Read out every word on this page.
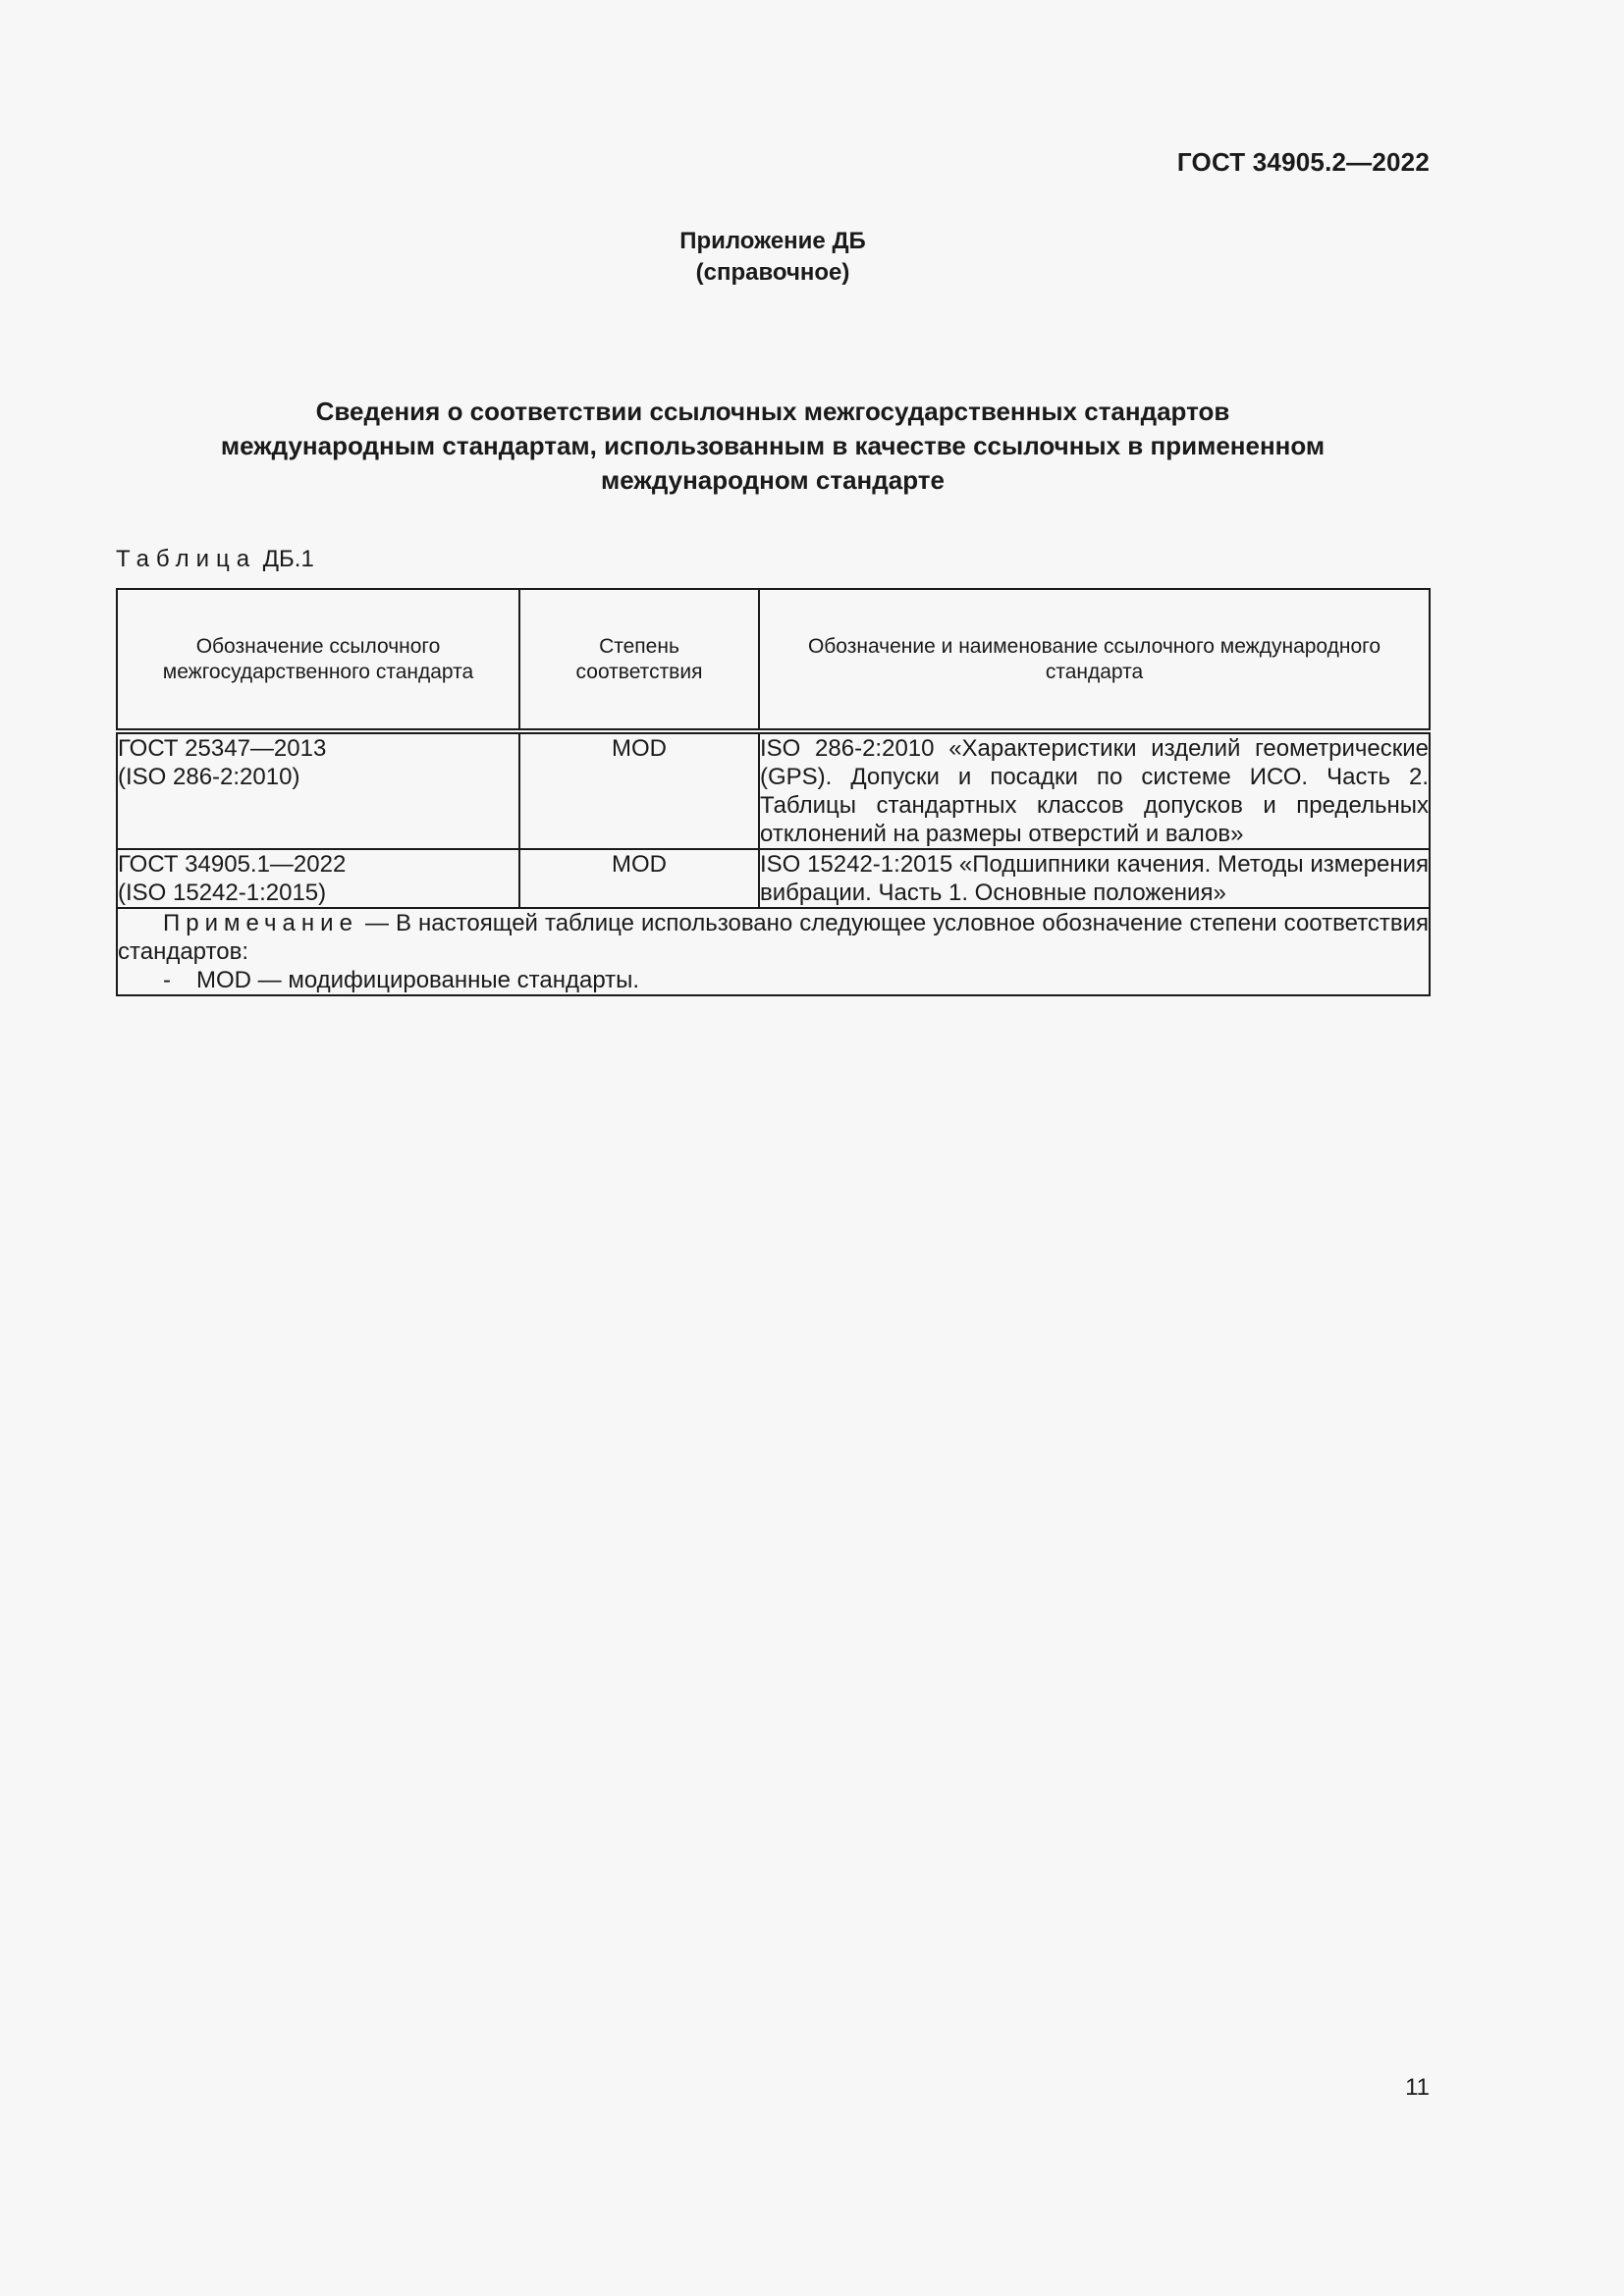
ГОСТ 34905.2—2022
Приложение ДБ
(справочное)
Сведения о соответствии ссылочных межгосударственных стандартов
международным стандартам, использованным в качестве ссылочных в примененном
международном стандарте
Таблица ДБ.1
Обозначение ссылочного межгосударственного стандарта	Степень соответствия	Обозначение и наименование ссылочного международного стандарта

ГОСТ 25347—2013
(ISO 286-2:2010)	MOD	ISO 286-2:2010 «Характеристики изделий геометрические (GPS). Допуски и посадки по системе ИСО. Часть 2. Таблицы стандартных классов допусков и предельных отклонений на размеры отверстий и валов»

ГОСТ 34905.1—2022
(ISO 15242-1:2015)	MOD	ISO 15242-1:2015 «Подшипники качения. Методы измерения вибрации. Часть 1. Основные положения»

Примечание — В настоящей таблице использовано следующее условное обозначение степени соответствия стандартов:
- MOD — модифицированные стандарты.		
11
